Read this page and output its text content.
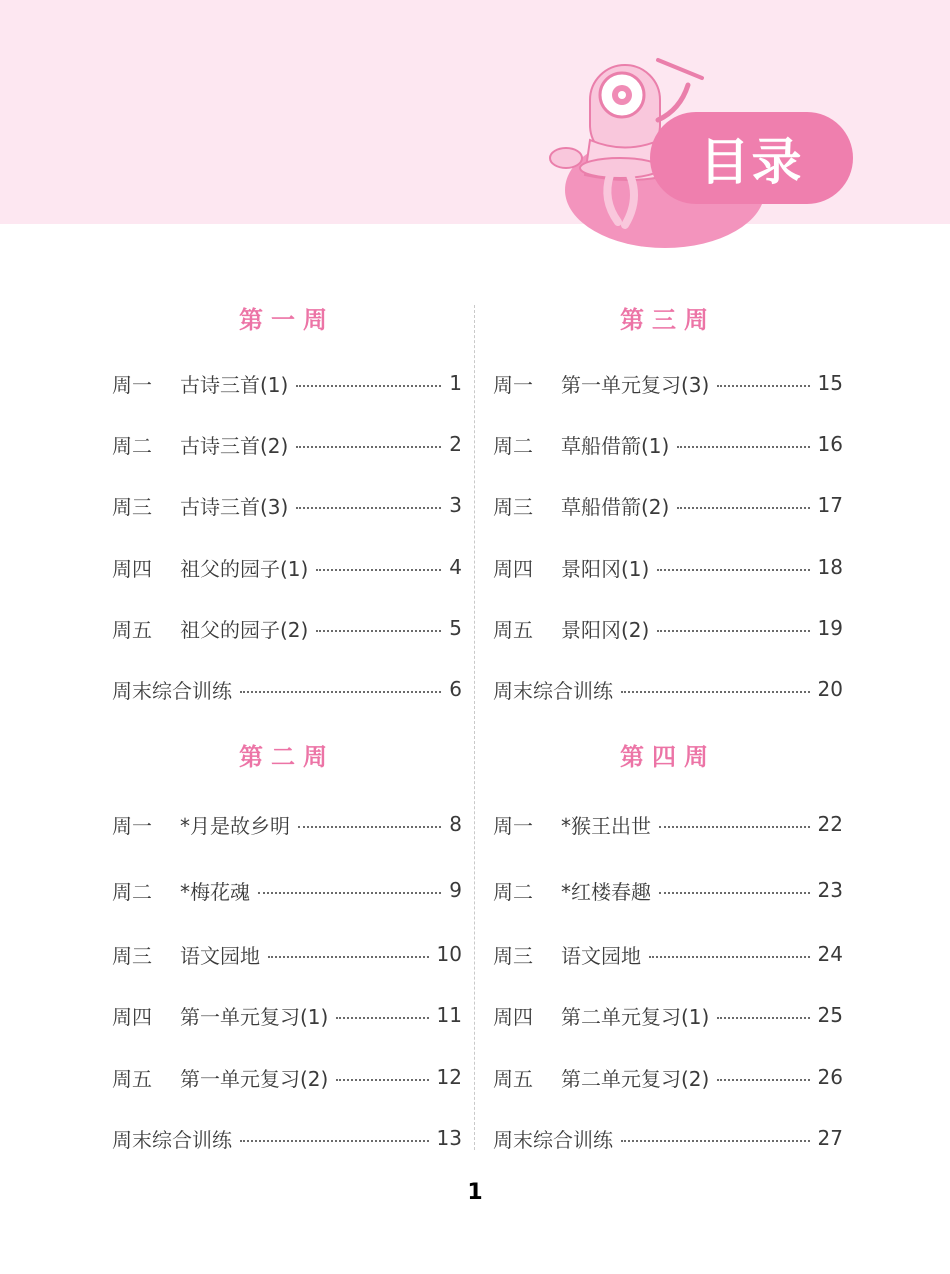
目录
第一周
周一	古诗三首(1)	1
周二	古诗三首(2)	2
周三	古诗三首(3)	3
周四	祖父的园子(1)	4
周五	祖父的园子(2)	5
周末综合训练	6
第二周
周一	*月是故乡明	8
周二	*梅花魂	9
周三	语文园地	10
周四	第一单元复习(1)	11
周五	第一单元复习(2)	12
周末综合训练	13
第三周
周一	第一单元复习(3)	15
周二	草船借箭(1)	16
周三	草船借箭(2)	17
周四	景阳冈(1)	18
周五	景阳冈(2)	19
周末综合训练	20
第四周
周一	*猴王出世	22
周二	*红楼春趣	23
周三	语文园地	24
周四	第二单元复习(1)	25
周五	第二单元复习(2)	26
周末综合训练	27
1
